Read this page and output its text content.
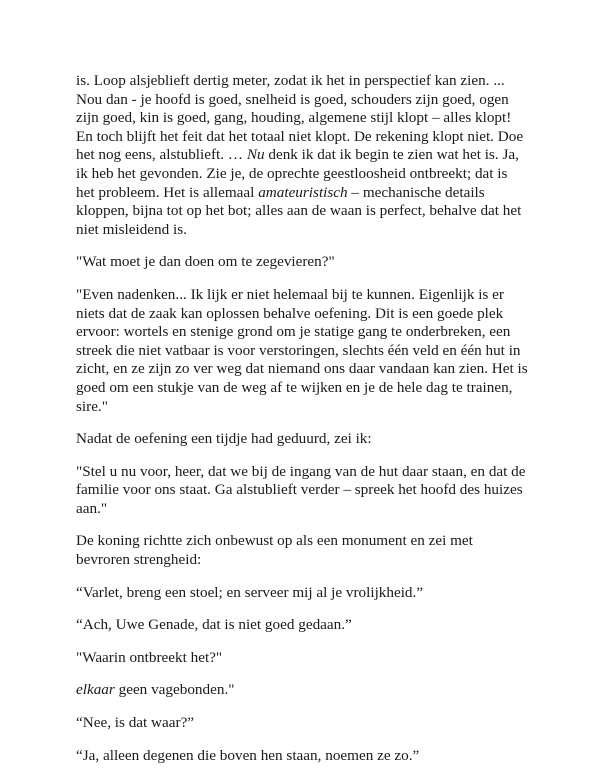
is. Loop alsjeblieft dertig meter, zodat ik het in perspectief kan zien. ... Nou dan - je hoofd is goed, snelheid is goed, schouders zijn goed, ogen zijn goed, kin is goed, gang, houding, algemene stijl klopt – alles klopt! En toch blijft het feit dat het totaal niet klopt. De rekening klopt niet. Doe het nog eens, alstublieft. … Nu denk ik dat ik begin te zien wat het is. Ja, ik heb het gevonden. Zie je, de oprechte geestloosheid ontbreekt; dat is het probleem. Het is allemaal amateuristisch – mechanische details kloppen, bijna tot op het bot; alles aan de waan is perfect, behalve dat het niet misleidend is.

"Wat moet je dan doen om te zegevieren?"

"Even nadenken... Ik lijk er niet helemaal bij te kunnen. Eigenlijk is er niets dat de zaak kan oplossen behalve oefening. Dit is een goede plek ervoor: wortels en stenige grond om je statige gang te onderbreken, een streek die niet vatbaar is voor verstoringen, slechts één veld en één hut in zicht, en ze zijn zo ver weg dat niemand ons daar vandaan kan zien. Het is goed om een stukje van de weg af te wijken en je de hele dag te trainen, sire."

Nadat de oefening een tijdje had geduurd, zei ik:

"Stel u nu voor, heer, dat we bij de ingang van de hut daar staan, en dat de familie voor ons staat. Ga alstublieft verder – spreek het hoofd des huizes aan."

De koning richtte zich onbewust op als een monument en zei met bevroren strengheid:

“Varlet, breng een stoel; en serveer mij al je vrolijkheid.”

“Ach, Uwe Genade, dat is niet goed gedaan.”

"Waarin ontbreekt het?"

elkaar geen vagebonden."

“Nee, is dat waar?”

“Ja, alleen degenen die boven hen staan, noemen ze zo.”
